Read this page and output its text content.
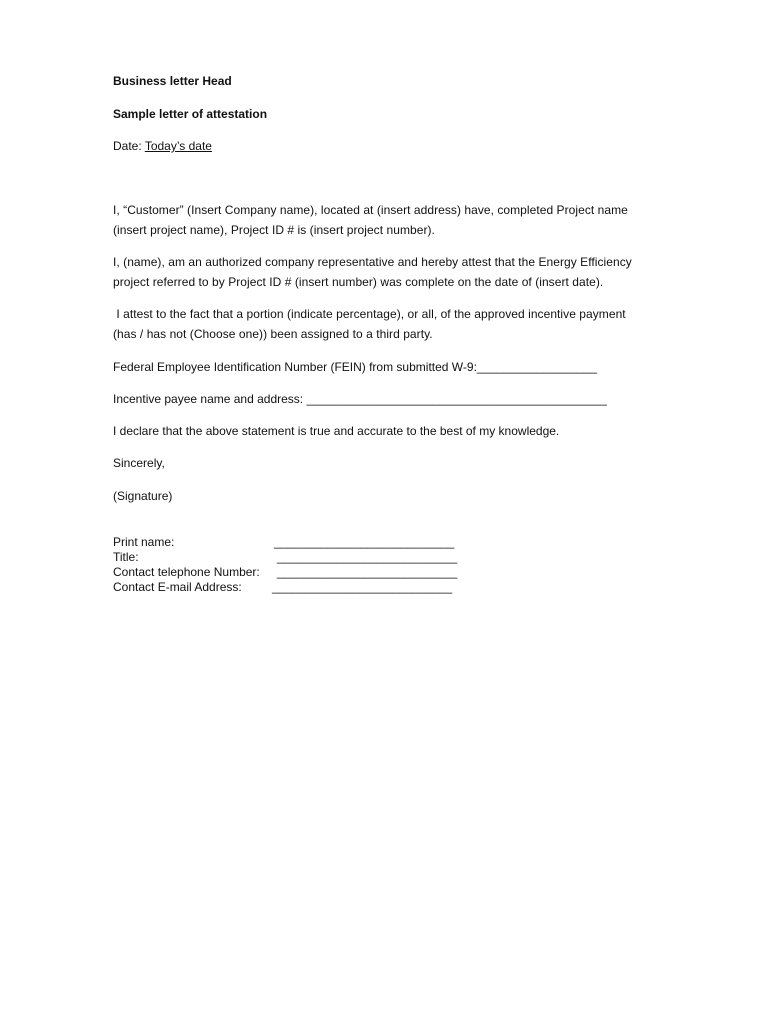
Business letter Head
Sample letter of attestation
Date: Today’s date
I, “Customer” (Insert Company name), located at (insert address) have, completed Project name
(insert project name), Project ID # is (insert project number).
I, (name), am an authorized company representative and hereby attest that the Energy Efficiency
project referred to by Project ID # (insert number) was complete on the date of (insert date).
I attest to the fact that a portion (indicate percentage), or all, of the approved incentive payment
(has / has not (Choose one)) been assigned to a third party.
Federal Employee Identification Number (FEIN) from submitted W-9:__________________
Incentive payee name and address: _____________________________________________
I declare that the above statement is true and accurate to the best of my knowledge.
Sincerely,
(Signature)
Print name:	___________________________
Title:	___________________________
Contact telephone Number: ___________________________
Contact E-mail Address:	___________________________
